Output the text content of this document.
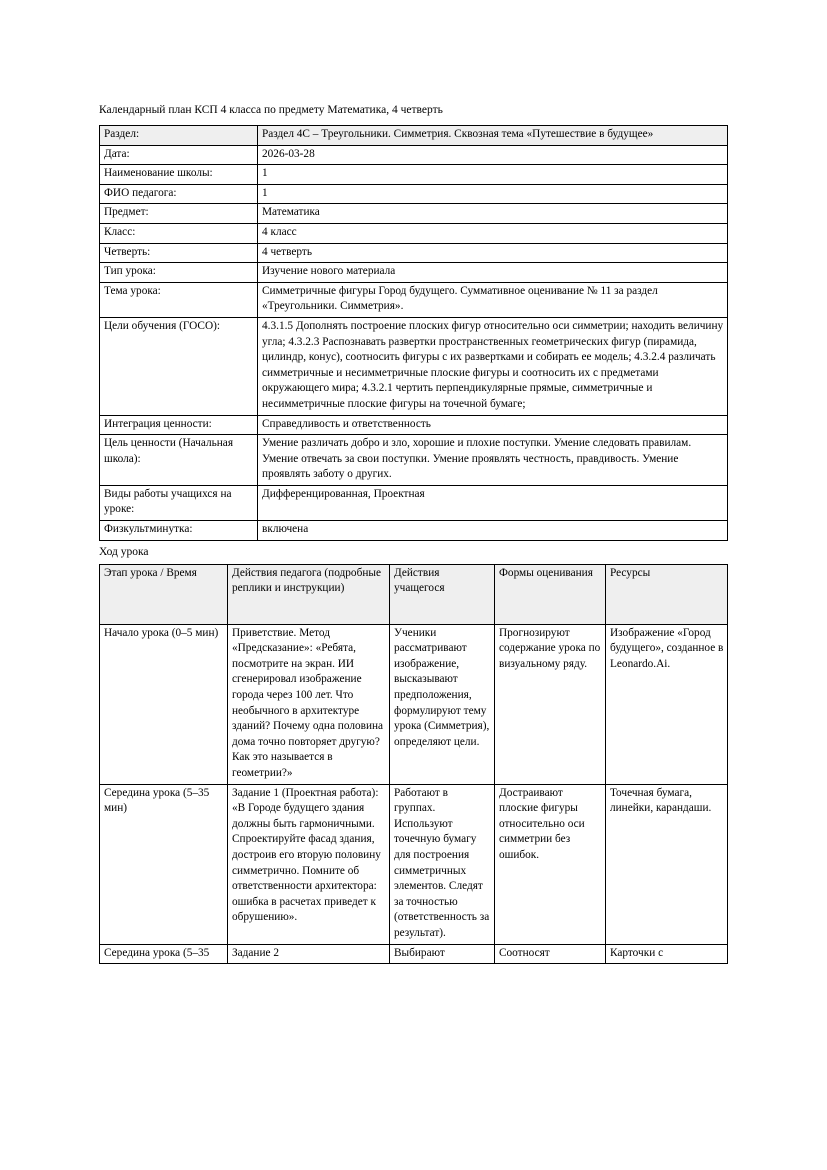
Календарный план КСП 4 класса по предмету Математика, 4 четверть

Раздел:	Раздел 4C – Треугольники. Симметрия. Сквозная тема «Путешествие в будущее»
Дата:	2026-03-28
Наименование школы:	1
ФИО педагога:	1
Предмет:	Математика
Класс:	4 класс
Четверть:	4 четверть
Тип урока:	Изучение нового материала
Тема урока:	Симметричные фигуры Город будущего. Суммативное оценивание № 11 за раздел «Треугольники. Симметрия».
Цели обучения (ГОСО):	4.3.1.5 Дополнять построение плоских фигур относительно оси симметрии; находить величину угла; 4.3.2.3 Распознавать развертки пространственных геометрических фигур (пирамида, цилиндр, конус), соотносить фигуры с их развертками и собирать ее модель; 4.3.2.4 различать симметричные и несимметричные плоские фигуры и соотносить их с предметами окружающего мира; 4.3.2.1 чертить перпендикулярные прямые, симметричные и несимметричные плоские фигуры на точечной бумаге;
Интеграция ценности:	Справедливость и ответственность
Цель ценности (Начальная школа):	Умение различать добро и зло, хорошие и плохие поступки. Умение следовать правилам. Умение отвечать за свои поступки. Умение проявлять честность, правдивость. Умение проявлять заботу о других.
Виды работы учащихся на уроке:	Дифференцированная, Проектная
Физкультминутка:	включена

Ход урока

Этап урока / Время	Действия педагога (подробные реплики и инструкции)	Действия учащегося	Формы оценивания	Ресурсы
Начало урока (0–5 мин)	Приветствие. Метод «Предсказание»: «Ребята, посмотрите на экран. ИИ сгенерировал изображение города через 100 лет. Что необычного в архитектуре зданий? Почему одна половина дома точно повторяет другую? Как это называется в геометрии?»	Ученики рассматривают изображение, высказывают предположения, формулируют тему урока (Симметрия), определяют цели.	Прогнозируют содержание урока по визуальному ряду.	Изображение «Город будущего», созданное в Leonardo.Ai.
Середина урока (5–35 мин)	Задание 1 (Проектная работа): «В Городе будущего здания должны быть гармоничными. Спроектируйте фасад здания, достроив его вторую половину симметрично. Помните об ответственности архитектора: ошибка в расчетах приведет к обрушению».	Работают в группах. Используют точечную бумагу для построения симметричных элементов. Следят за точностью (ответственность за результат).	Достраивают плоские фигуры относительно оси симметрии без ошибок.	Точечная бумага, линейки, карандаши.
Середина урока (5–35	Задание 2	Выбирают	Соотносят	Карточки с
